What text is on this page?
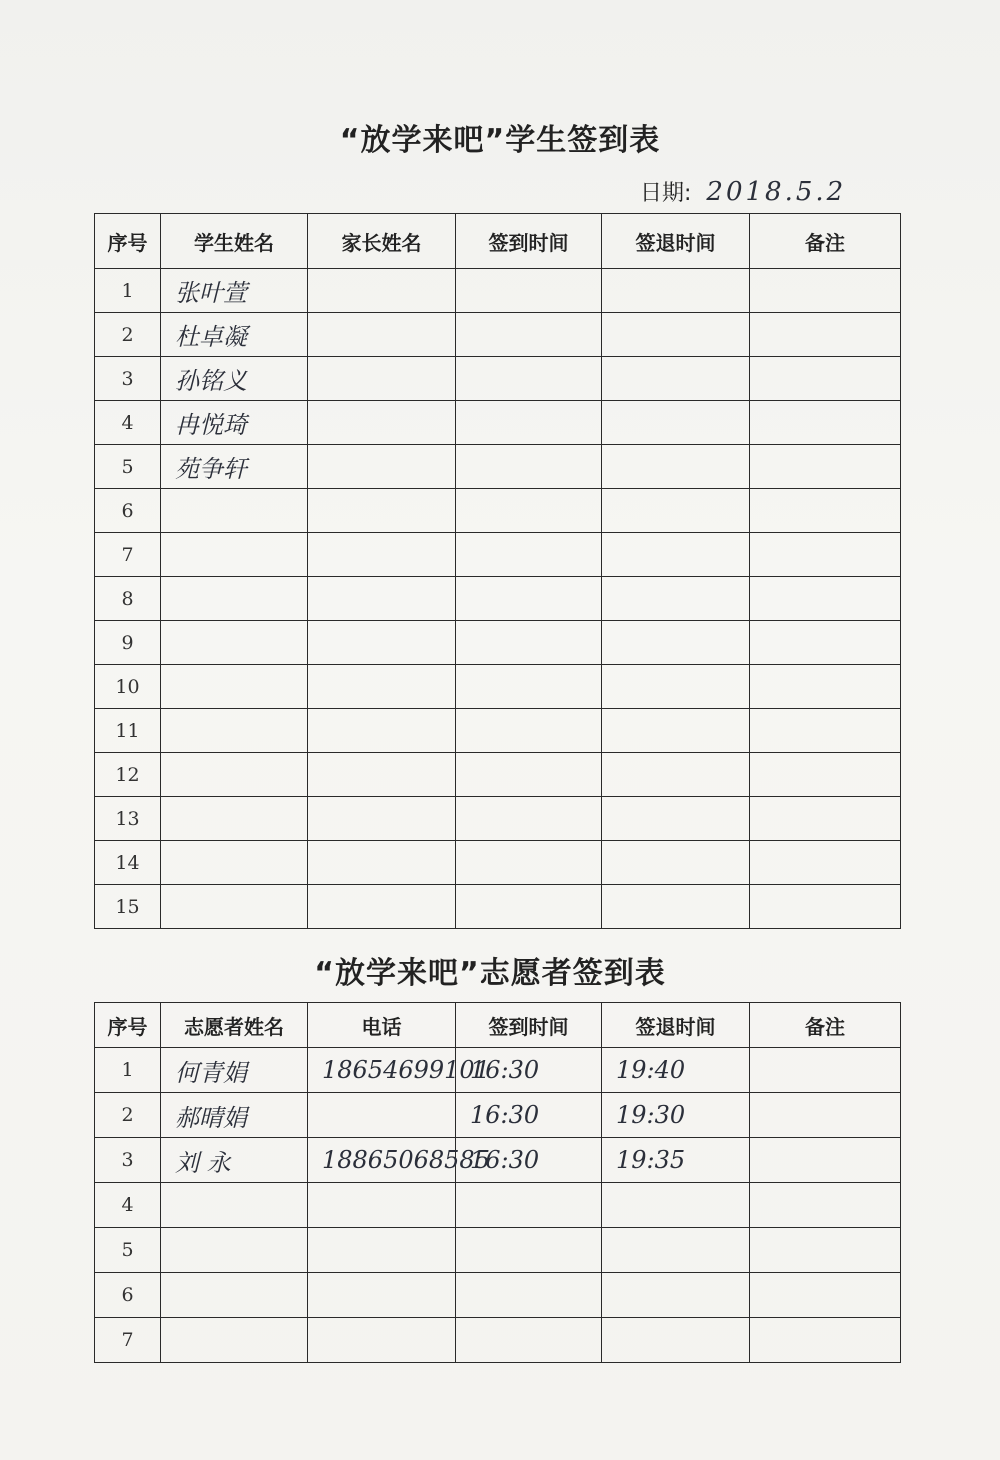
“放学来吧”学生签到表
日期: 2018.5.2
序号	学生姓名	家长姓名	签到时间	签退时间	备注
1	张叶萱				
2	杜卓凝				
3	孙铭义				
4	冉悦琦				
5	苑争轩				
6					
7					
8					
9					
10					
11					
12					
13					
14					
15					
“放学来吧”志愿者签到表
序号	志愿者姓名	电话	签到时间	签退时间	备注
1	何青娟	18654699101	16:30	19:40	
2	郝晴娟		16:30	19:30	
3	刘 永	18865068585	16:30	19:35	
4					
5					
6					
7					
